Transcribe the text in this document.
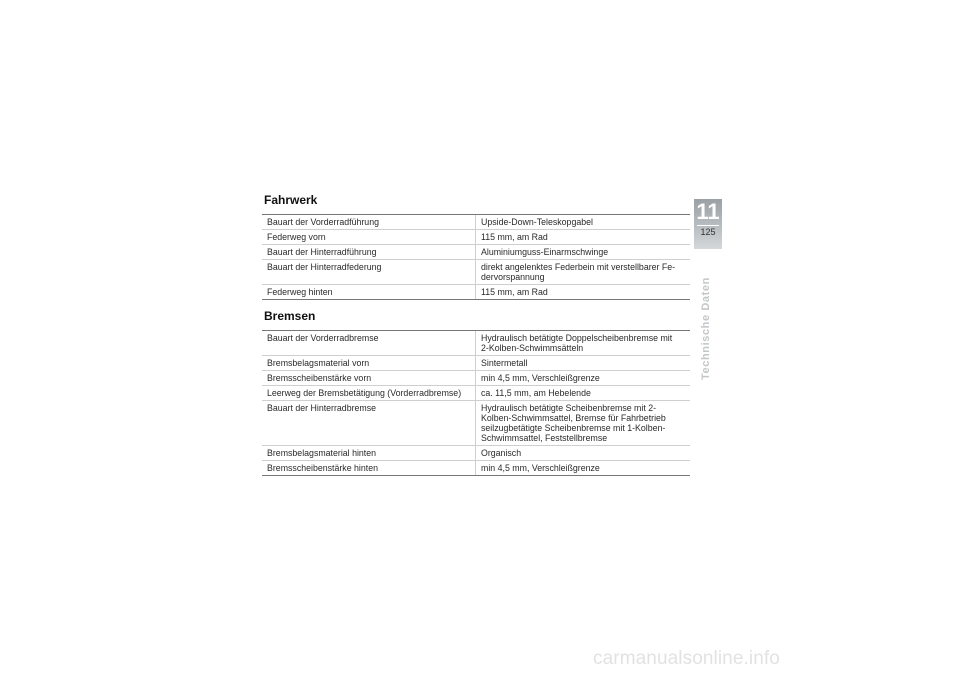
Fahrwerk
Bauart der Vorderradführung	Upside-Down-Teleskopgabel
Federweg vorn	115 mm, am Rad
Bauart der Hinterradführung	Aluminiumguss-Einarmschwinge
Bauart der Hinterradfederung	direkt angelenktes Federbein mit verstellbarer Fe-
dervorspannung
Federweg hinten	115 mm, am Rad
Bremsen
Bauart der Vorderradbremse	Hydraulisch betätigte Doppelscheibenbremse mit
2-Kolben-Schwimmsätteln
Bremsbelagsmaterial vorn	Sintermetall
Bremsscheibenstärke vorn	min 4,5 mm, Verschleißgrenze
Leerweg der Bremsbetätigung (Vorderradbremse)	ca. 11,5 mm, am Hebelende
Bauart der Hinterradbremse	Hydraulisch betätigte Scheibenbremse mit 2-
Kolben-Schwimmsattel, Bremse für Fahrbetrieb
seilzugbetätigte Scheibenbremse mit 1-Kolben-
Schwimmsattel, Feststellbremse
Bremsbelagsmaterial hinten	Organisch
Bremsscheibenstärke hinten	min 4,5 mm, Verschleißgrenze
11
125
Technische Daten
carmanualsonline.info
